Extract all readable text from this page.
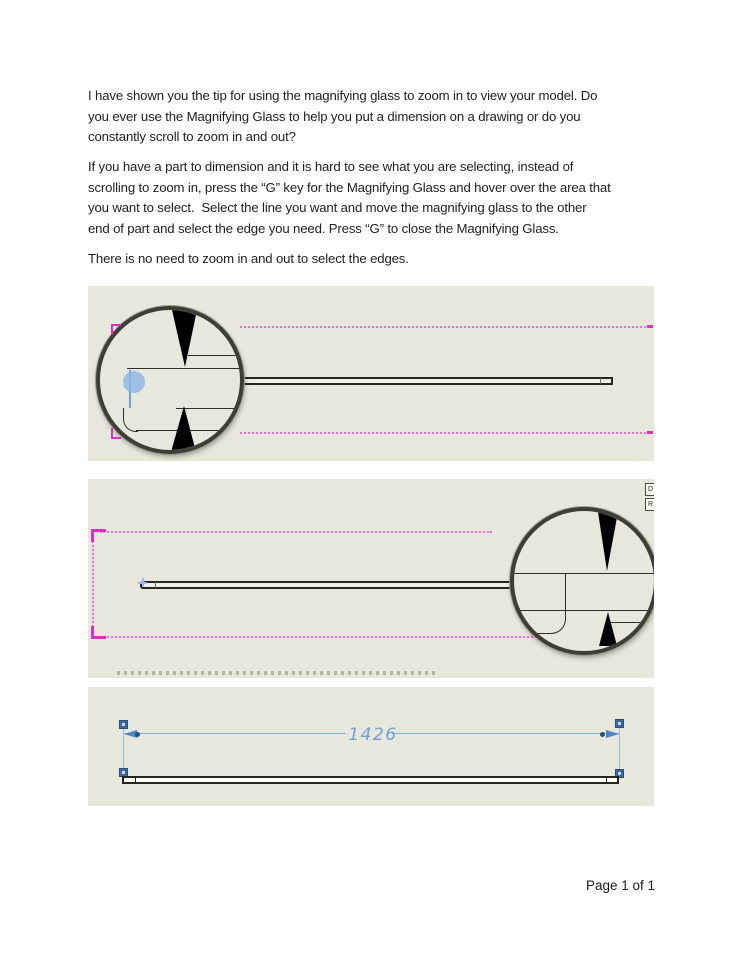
I have shown you the tip for using the magnifying glass to zoom in to view your model. Do
you ever use the Magnifying Glass to help you put a dimension on a drawing or do you
constantly scroll to zoom in and out?

If you have a part to dimension and it is hard to see what you are selecting, instead of
scrolling to zoom in, press the “G” key for the Magnifying Glass and hover over the area that
you want to select.  Select the line you want and move the magnifying glass to the other
end of part and select the edge you need. Press “G” to close the Magnifying Glass.

There is no need to zoom in and out to select the edges.

D
R
1426
Page 1 of 1
